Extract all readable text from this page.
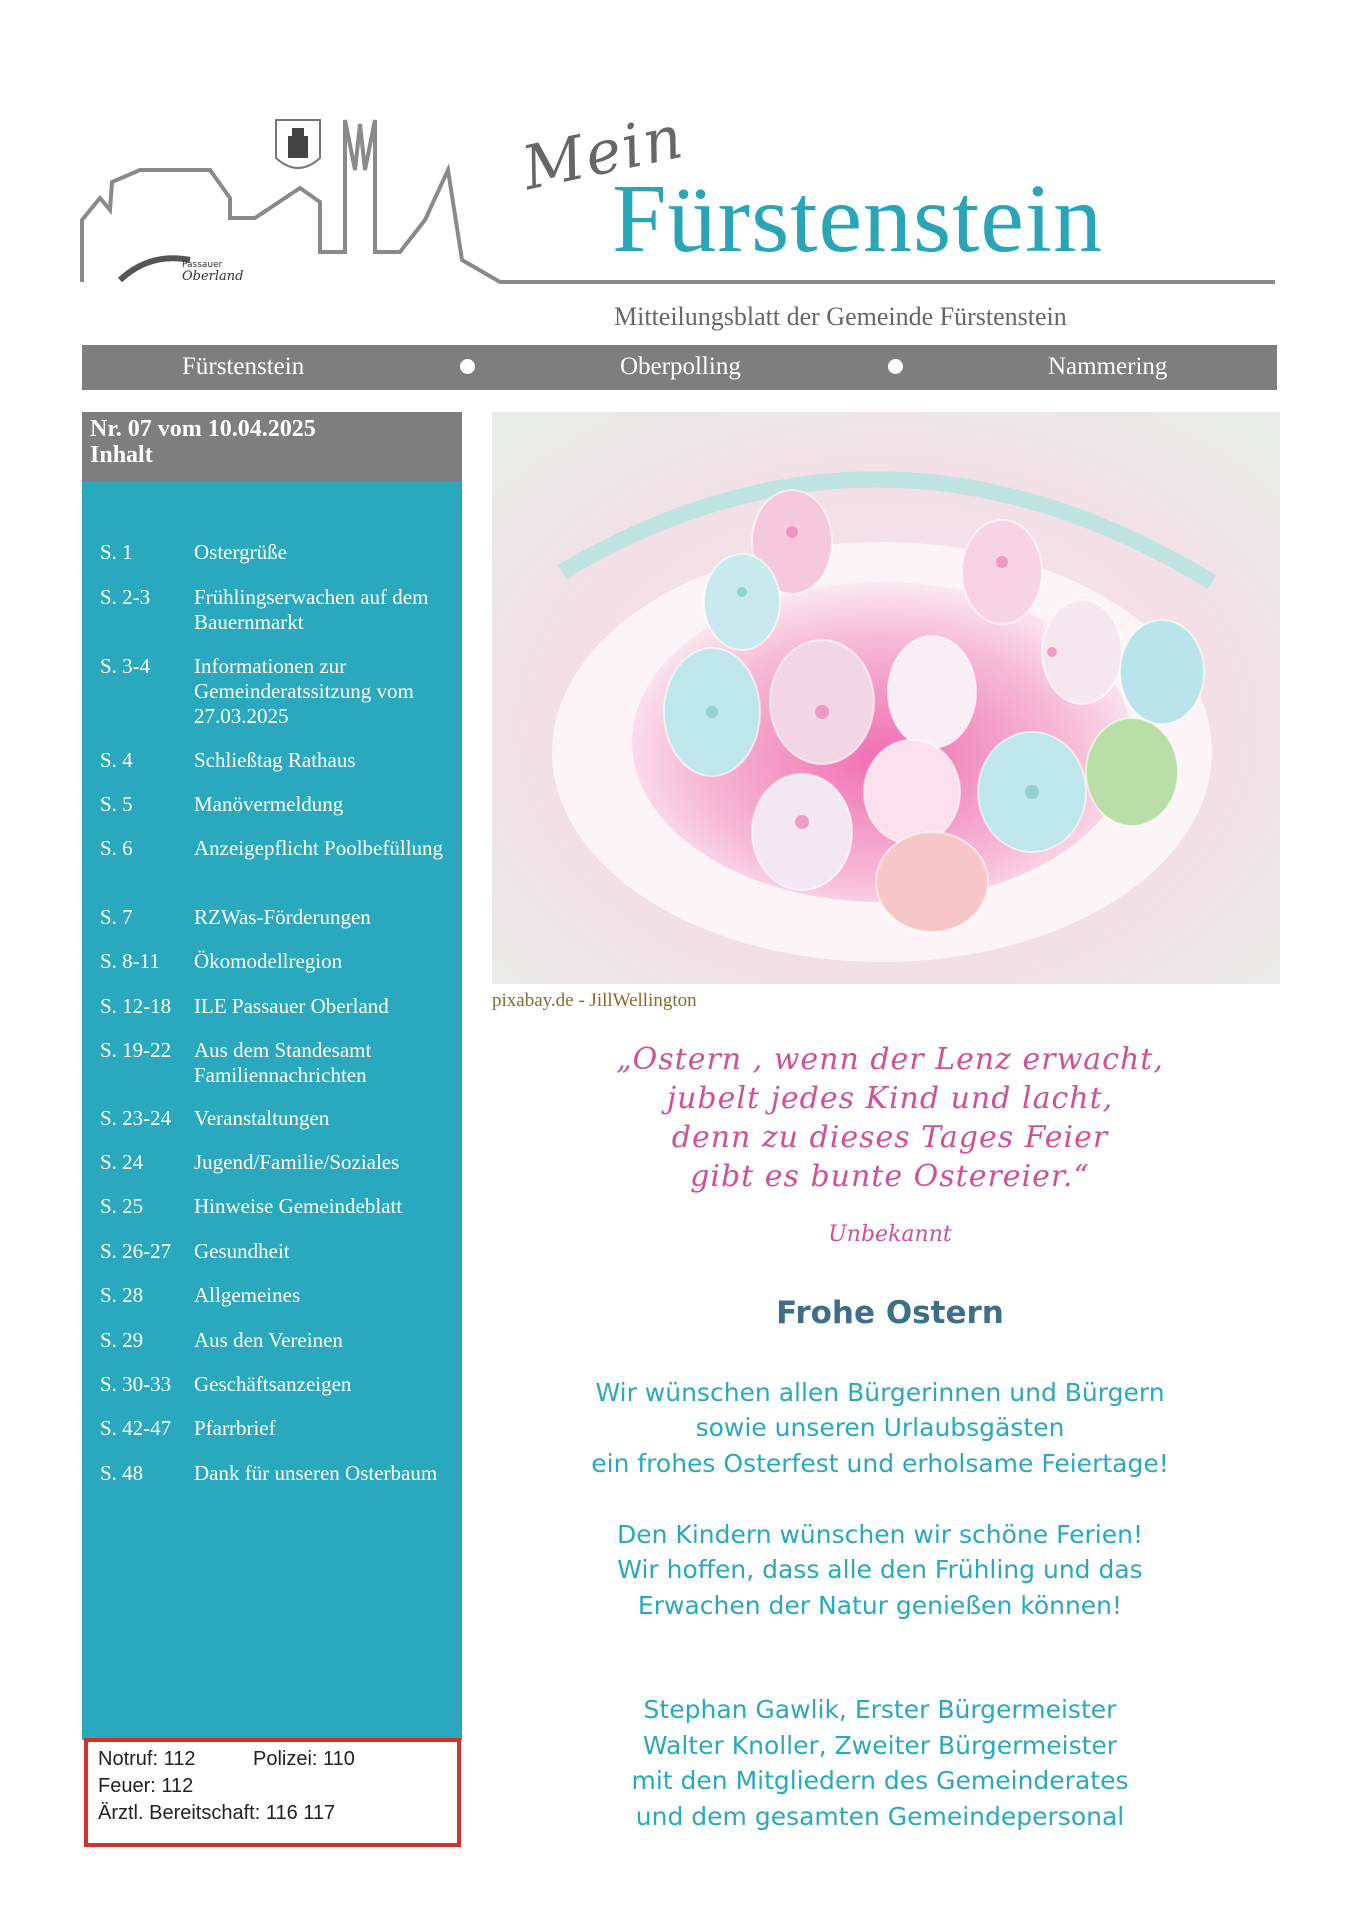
Passauer
Oberland
Mein
Fürstenstein
Mitteilungsblatt der Gemeinde Fürstenstein
Fürstenstein	Oberpolling	Nammering
Nr. 07 vom 10.04.2025
Inhalt
S. 1	Ostergrüße
S. 2-3 Frühlingserwachen auf dem Bauernmarkt
S. 3-4 Informationen zur Gemeinderatssitzung vom 27.03.2025
S. 4	Schließtag Rathaus
S. 5	Manövermeldung
S. 6	Anzeigepflicht Poolbefüllung
S. 7	RZWas-Förderungen
S. 8-11 Ökomodellregion
S. 12-18 ILE Passauer Oberland
S. 19-22 Aus dem Standesamt Familiennachrichten
S. 23-24 Veranstaltungen
S. 24 Jugend/Familie/Soziales
S. 25 Hinweise Gemeindeblatt
S. 26-27 Gesundheit
S. 28 Allgemeines
S. 29 Aus den Vereinen
S. 30-33 Geschäftsanzeigen
S. 42-47 Pfarrbrief
S. 48 Dank für unseren Osterbaum
Notruf: 112	Polizei: 110
Feuer: 112
Ärztl. Bereitschaft: 116 117
pixabay.de - JillWellington
„Ostern , wenn der Lenz erwacht,
jubelt jedes Kind und lacht,
denn zu dieses Tages Feier
gibt es bunte Ostereier.“
Unbekannt
Frohe Ostern
Wir wünschen allen Bürgerinnen und Bürgern
sowie unseren Urlaubsgästen
ein frohes Osterfest und erholsame Feiertage!
Den Kindern wünschen wir schöne Ferien!
Wir hoffen, dass alle den Frühling und das
Erwachen der Natur genießen können!
Stephan Gawlik, Erster Bürgermeister
Walter Knoller, Zweiter Bürgermeister
mit den Mitgliedern des Gemeinderates
und dem gesamten Gemeindepersonal
